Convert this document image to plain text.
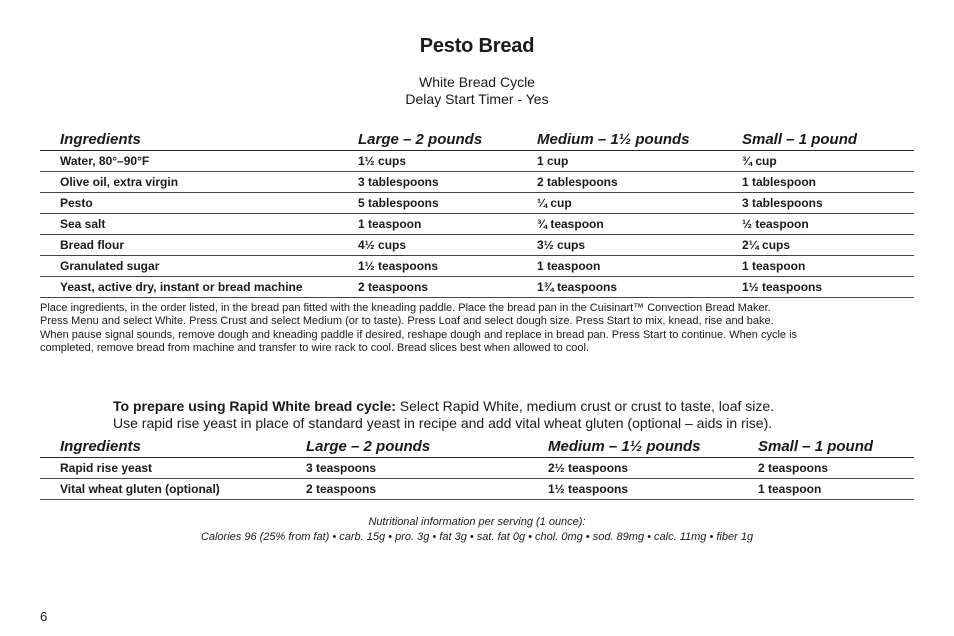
Pesto Bread
White Bread Cycle
Delay Start Timer - Yes
Ingredients	Large – 2 pounds	Medium – 1½ pounds	Small – 1 pound
Water, 80°–90°F	1½ cups	1 cup	¾ cup
Olive oil, extra virgin	3 tablespoons	2 tablespoons	1 tablespoon
Pesto	5 tablespoons	¼ cup	3 tablespoons
Sea salt	1 teaspoon	¾ teaspoon	½ teaspoon
Bread flour	4½ cups	3½ cups	2¼ cups
Granulated sugar	1½ teaspoons	1 teaspoon	1 teaspoon
Yeast, active dry, instant or bread machine	2 teaspoons	1¾ teaspoons	1½ teaspoons
Place ingredients, in the order listed, in the bread pan fitted with the kneading paddle. Place the bread pan in the Cuisinart™ Convection Bread Maker.
Press Menu and select White. Press Crust and select Medium (or to taste). Press Loaf and select dough size. Press Start to mix, knead, rise and bake.
When pause signal sounds, remove dough and kneading paddle if desired, reshape dough and replace in bread pan. Press Start to continue. When cycle is
completed, remove bread from machine and transfer to wire rack to cool. Bread slices best when allowed to cool.
To prepare using Rapid White bread cycle: Select Rapid White, medium crust or crust to taste, loaf size.
Use rapid rise yeast in place of standard yeast in recipe and add vital wheat gluten (optional – aids in rise).
Ingredients	Large – 2 pounds	Medium – 1½ pounds	Small – 1 pound
Rapid rise yeast	3 teaspoons	2½ teaspoons	2 teaspoons
Vital wheat gluten (optional)	2 teaspoons	1½ teaspoons	1 teaspoon
Nutritional information per serving (1 ounce):
Calories 96 (25% from fat) • carb. 15g • pro. 3g • fat 3g • sat. fat 0g • chol. 0mg • sod. 89mg • calc. 11mg • fiber 1g
6
